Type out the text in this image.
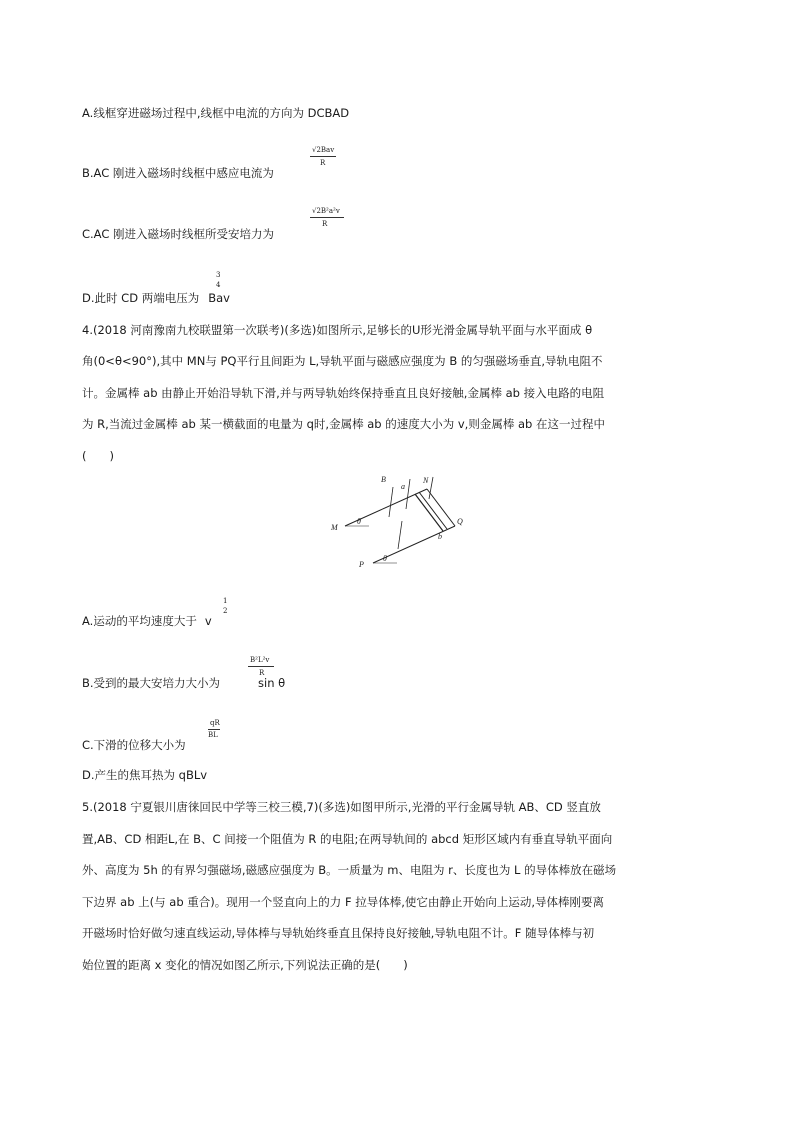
A.线框穿进磁场过程中,线框中电流的方向为 DCBAD
√2Bav
R
B.AC 刚进入磁场时线框中感应电流为
√2B²a²v
R
C.AC 刚进入磁场时线框所受安培力为
3
4
D.此时 CD 两端电压为 Bav
4.(2018 河南豫南九校联盟第一次联考)(多选)如图所示,足够长的U形光滑金属导轨平面与水平面成 θ
角(0<θ<90°),其中 MN与 PQ平行且间距为 L,导轨平面与磁感应强度为 B 的匀强磁场垂直,导轨电阻不
计。金属棒 ab 由静止开始沿导轨下滑,并与两导轨始终保持垂直且良好接触,金属棒 ab 接入电路的电阻
为 R,当流过金属棒 ab 某一横截面的电量为 q时,金属棒 ab 的速度大小为 v,则金属棒 ab 在这一过程中
(　　)
B
a
N
M
θ	Q
b
P
θ
1
2
A.运动的平均速度大于 v
B²L²v
R
B.受到的最大安培力大小为	sin θ
qR
BL
C.下滑的位移大小为
D.产生的焦耳热为 qBLv
5.(2018 宁夏银川唐徕回民中学等三校三模,7)(多选)如图甲所示,光滑的平行金属导轨 AB、CD 竖直放
置,AB、CD 相距L,在 B、C 间接一个阻值为 R 的电阻;在两导轨间的 abcd 矩形区域内有垂直导轨平面向
外、高度为 5h 的有界匀强磁场,磁感应强度为 B。一质量为 m、电阻为 r、长度也为 L 的导体棒放在磁场
下边界 ab 上(与 ab 重合)。现用一个竖直向上的力 F 拉导体棒,使它由静止开始向上运动,导体棒刚要离
开磁场时恰好做匀速直线运动,导体棒与导轨始终垂直且保持良好接触,导轨电阻不计。F 随导体棒与初
始位置的距离 x 变化的情况如图乙所示,下列说法正确的是(　　)
